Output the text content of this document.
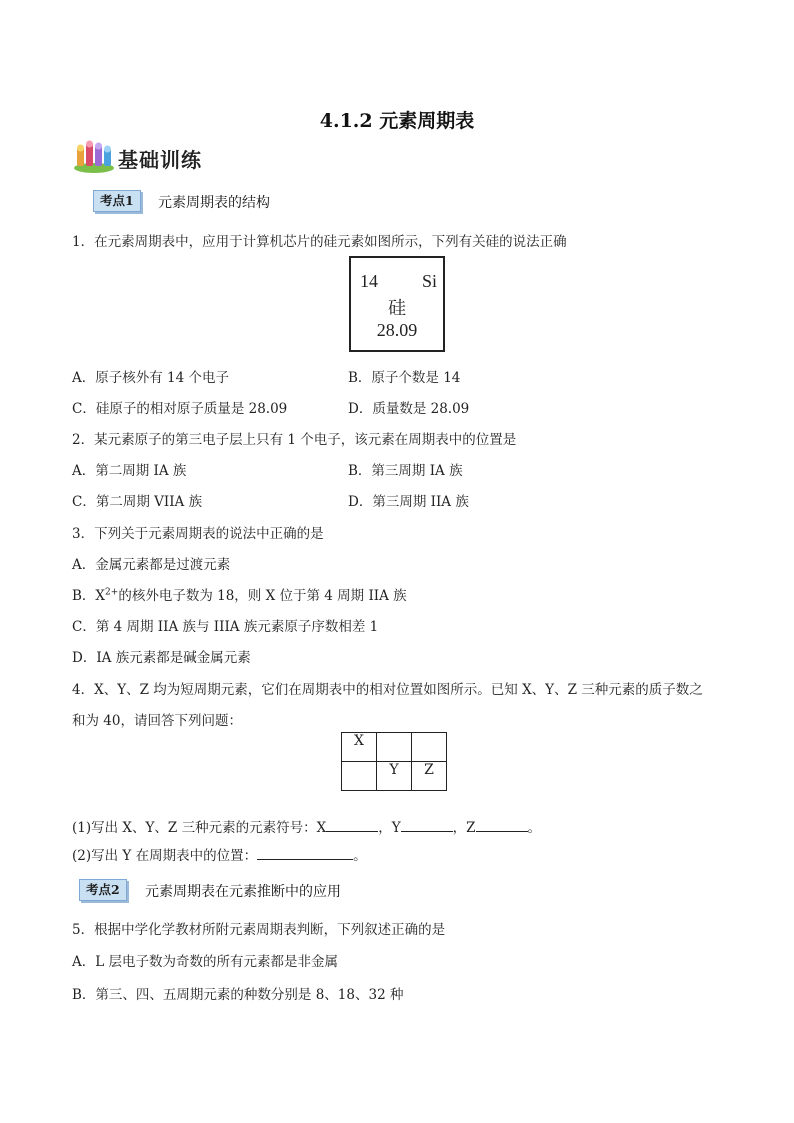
4.1.2 元素周期表
基础训练
考点1	元素周期表的结构
1．在元素周期表中，应用于计算机芯片的硅元素如图所示，下列有关硅的说法正确
14 Si
硅
28.09
A．原子核外有 14 个电子	B．原子个数是 14
C．硅原子的相对原子质量是 28.09	D．质量数是 28.09
2．某元素原子的第三电子层上只有 1 个电子，该元素在周期表中的位置是
A．第二周期 IA 族	B．第三周期 IA 族
C．第二周期 VIIA 族	D．第三周期 IIA 族
3．下列关于元素周期表的说法中正确的是
A．金属元素都是过渡元素
B．$X^{2+}$的核外电子数为 18，则 X 位于第 4 周期 IIA 族
C．第 4 周期 IIA 族与 IIIA 族元素原子序数相差 1
D．IA 族元素都是碱金属元素
4．X、Y、Z 均为短周期元素，它们在周期表中的相对位置如图所示。已知 X、Y、Z 三种元素的质子数之
和为 40，请回答下列问题：
X		
	Y	Z
(1)写出 X、Y、Z 三种元素的元素符号：X	，Y	，Z	。
(2)写出 Y 在周期表中的位置：	。
考点2	元素周期表在元素推断中的应用
5．根据中学化学教材所附元素周期表判断，下列叙述正确的是
A．L 层电子数为奇数的所有元素都是非金属
B．第三、四、五周期元素的种数分别是 8、18、32 种
